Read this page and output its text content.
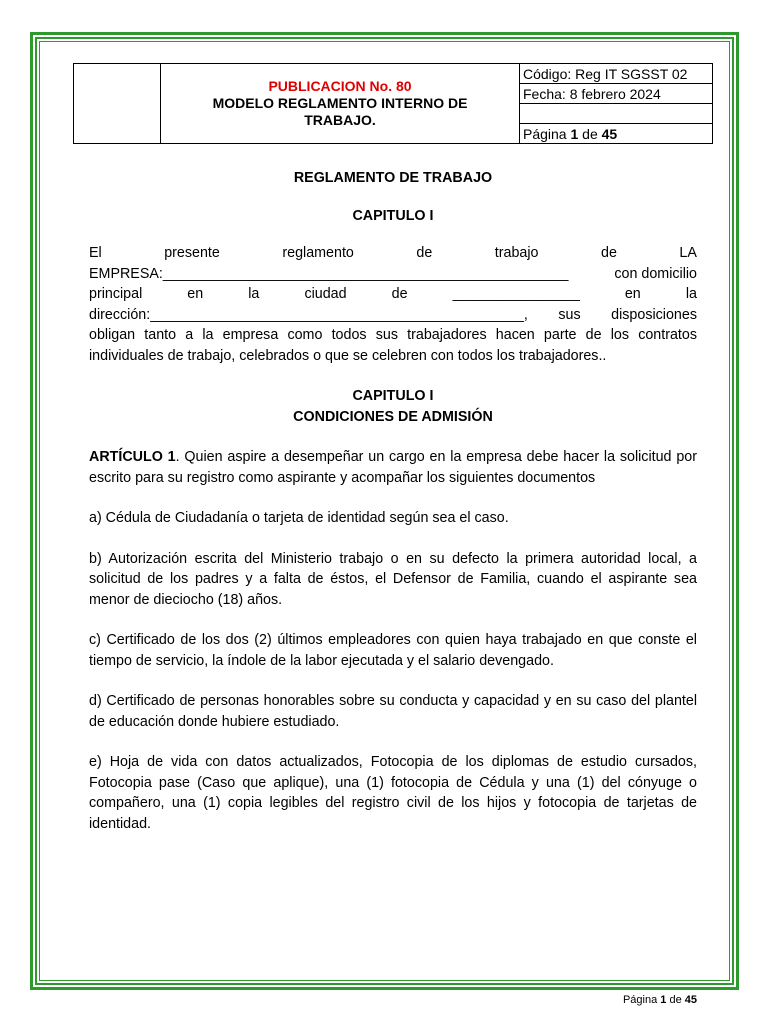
PUBLICACION No. 80
MODELO REGLAMENTO INTERNO DE
TRABAJO.
	Código: Reg IT SGSST 02
Fecha: 8 febrero 2024

Página 1 de 45

REGLAMENTO DE TRABAJO

CAPITULO I

El	presente	reglamento	de	trabajo	de	LA
EMPRESA:___________________________________________________	con domicilio
principal	en	la	ciudad	de	________________	en	la
dirección:_______________________________________________, sus disposiciones

obligan tanto a la empresa como todos sus trabajadores hacen parte de los contratos individuales de trabajo, celebrados o que se celebren con todos los trabajadores..

CAPITULO I

CONDICIONES DE ADMISIÓN

ARTÍCULO 1. Quien aspire a desempeñar un cargo en la empresa debe hacer la solicitud por escrito para su registro como aspirante y acompañar los siguientes documentos

a) Cédula de Ciudadanía o tarjeta de identidad según sea el caso.

b) Autorización escrita del Ministerio trabajo o en su defecto la primera autoridad local, a solicitud de los padres y a falta de éstos, el Defensor de Familia, cuando el aspirante sea menor de dieciocho (18) años.

c) Certificado de los dos (2) últimos empleadores con quien haya trabajado en que conste el tiempo de servicio, la índole de la labor ejecutada y el salario devengado.

d) Certificado de personas honorables sobre su conducta y capacidad y en su caso del plantel de educación donde hubiere estudiado.

e) Hoja de vida con datos actualizados, Fotocopia de los diplomas de estudio cursados, Fotocopia pase (Caso que aplique), una (1) fotocopia de Cédula y una (1) del cónyuge o compañero, una (1) copia legibles del registro civil de los hijos y fotocopia de tarjetas de identidad.

Página 1 de 45
